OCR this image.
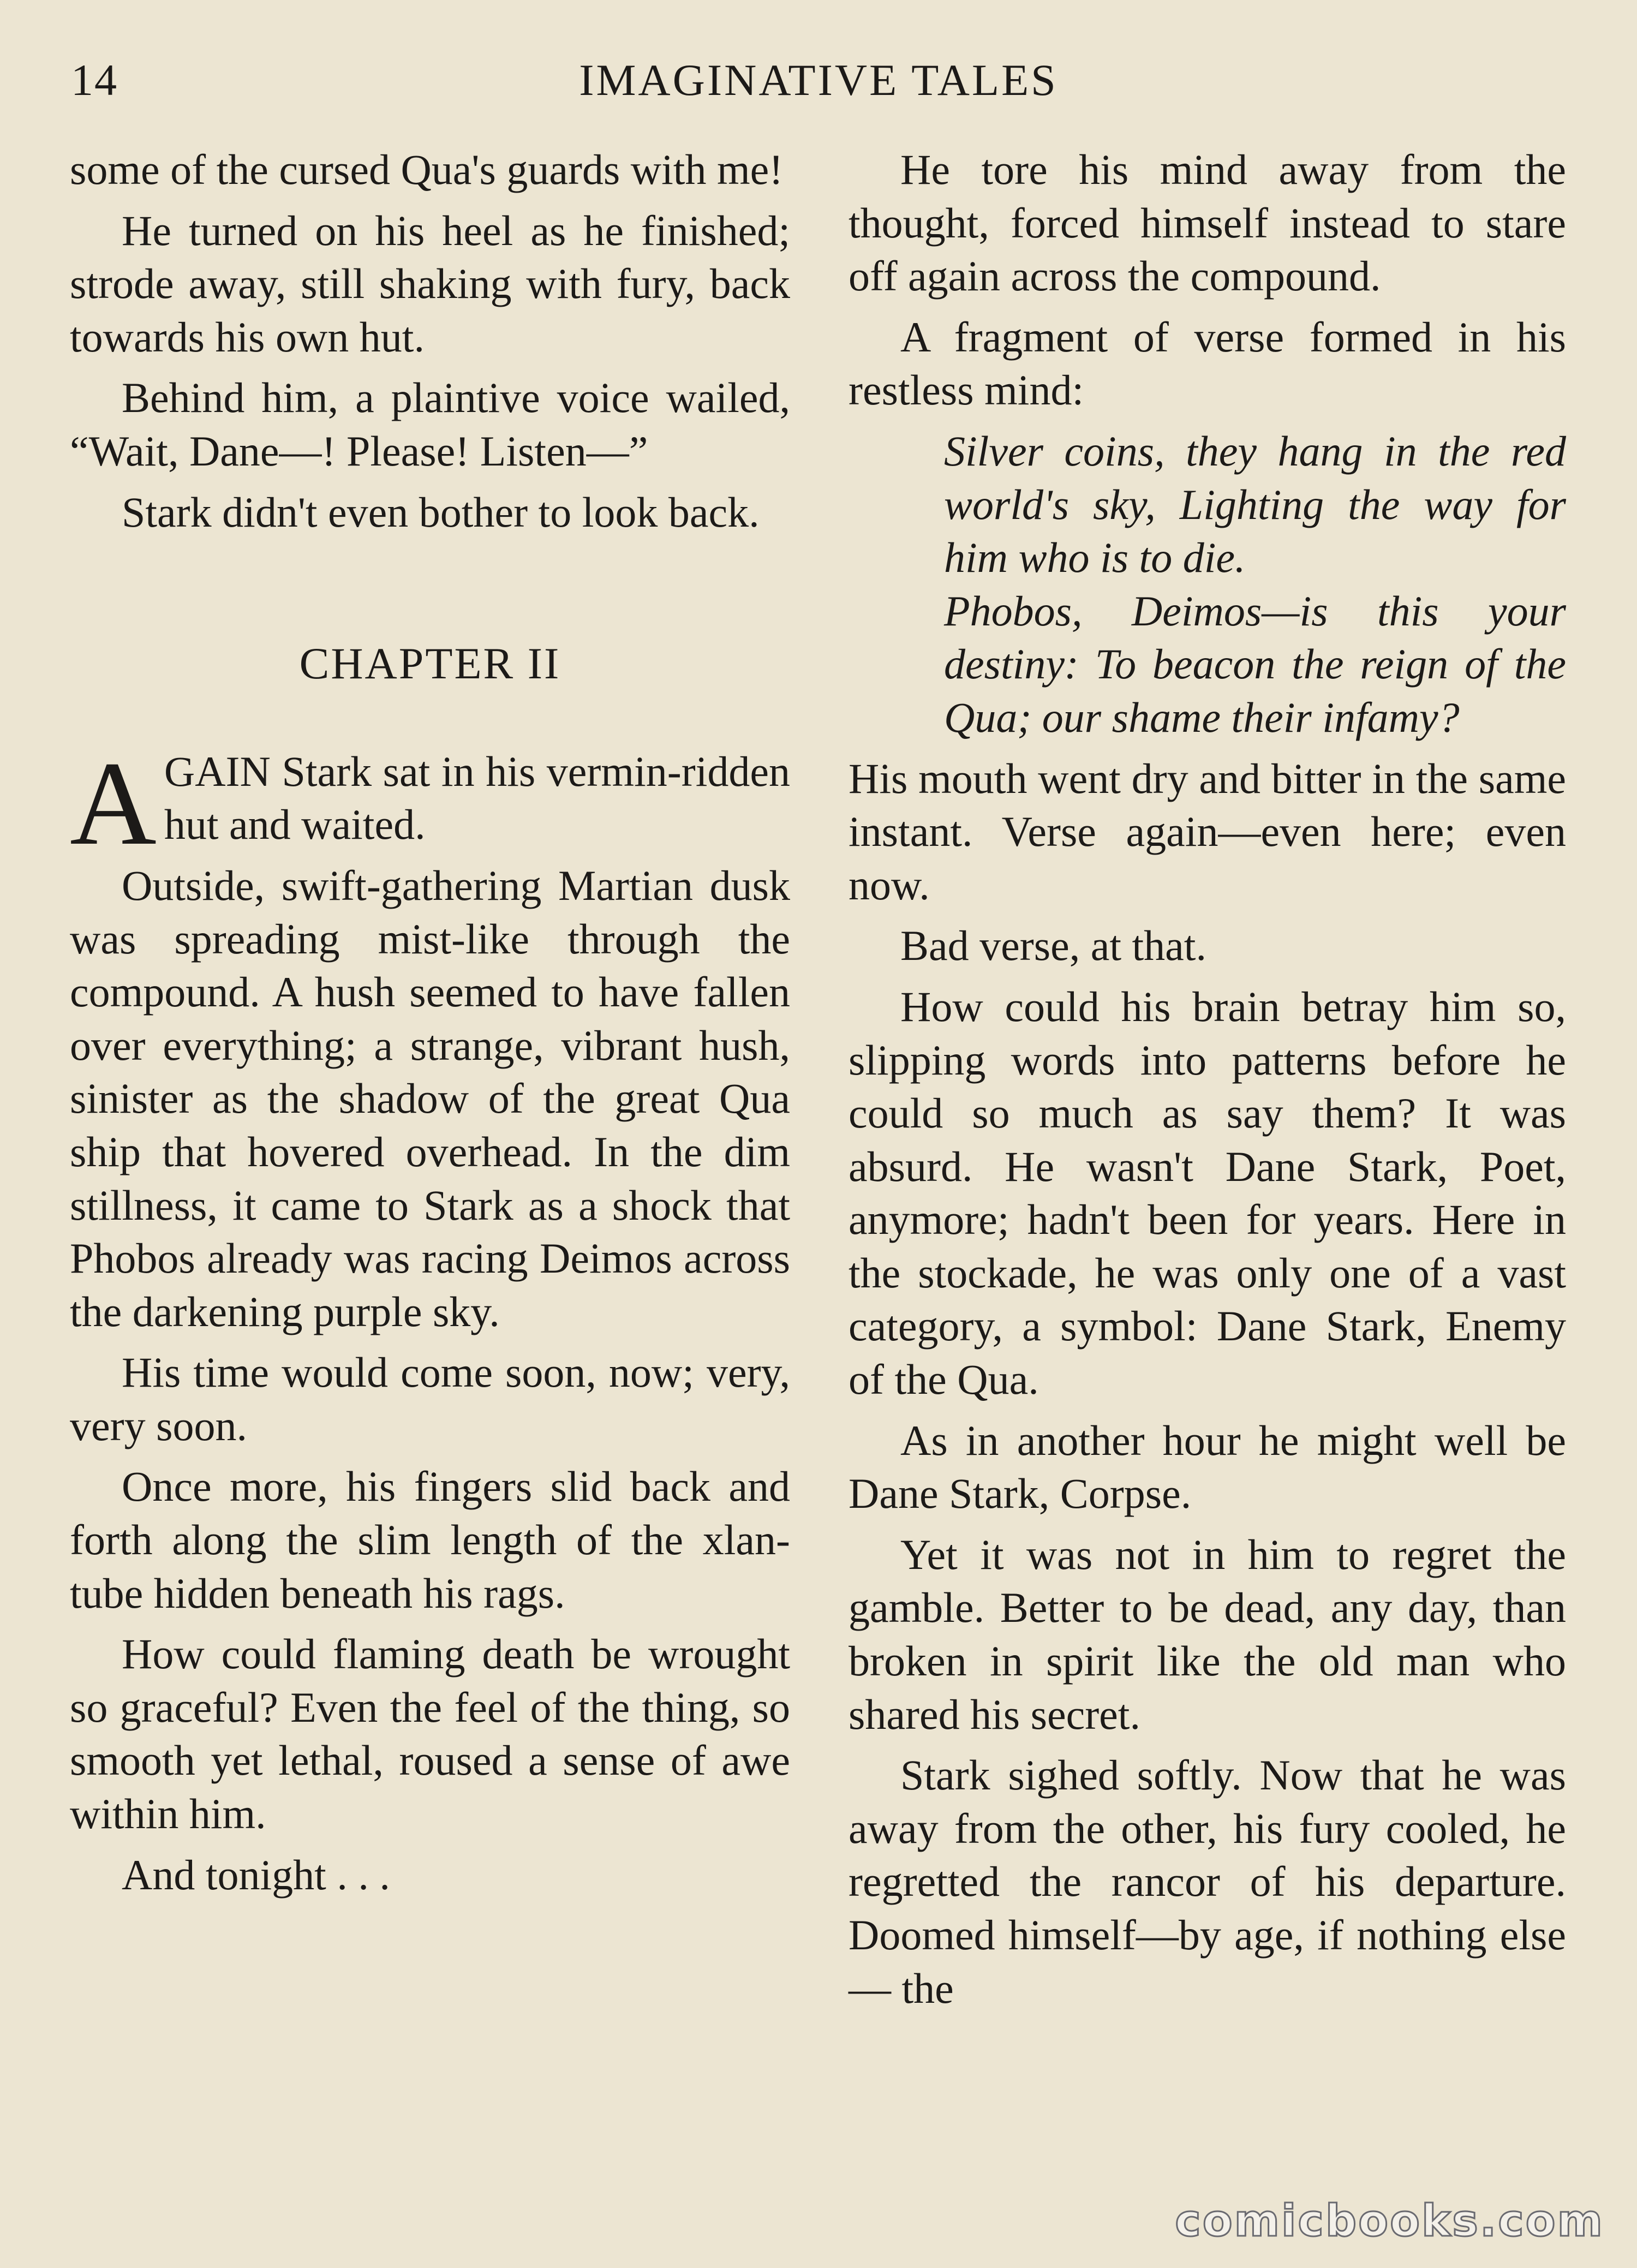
14	IMAGINATIVE TALES

some of the cursed Qua's guards with me!

He turned on his heel as he finished; strode away, still shaking with fury, back towards his own hut.

Behind him, a plaintive voice wailed, “Wait, Dane—! Please! Listen—”

Stark didn't even bother to look back.

CHAPTER II

AGAIN Stark sat in his vermin-ridden hut and waited.

Outside, swift-gathering Martian dusk was spreading mist-like through the compound. A hush seemed to have fallen over everything; a strange, vibrant hush, sinister as the shadow of the great Qua ship that hovered overhead. In the dim stillness, it came to Stark as a shock that Phobos already was racing Deimos across the darkening purple sky.

His time would come soon, now; very, very soon.

Once more, his fingers slid back and forth along the slim length of the xlan-tube hidden beneath his rags.

How could flaming death be wrought so graceful? Even the feel of the thing, so smooth yet lethal, roused a sense of awe within him.

And tonight . . .

He tore his mind away from the thought, forced himself instead to stare off again across the compound.

A fragment of verse formed in his restless mind:

Silver coins, they hang in the red world's sky, Lighting the way for him who is to die.
Phobos, Deimos—is this your destiny: To beacon the reign of the Qua; our shame their infamy?

His mouth went dry and bitter in the same instant. Verse again—even here; even now.

Bad verse, at that.

How could his brain betray him so, slipping words into patterns before he could so much as say them? It was absurd. He wasn't Dane Stark, Poet, anymore; hadn't been for years. Here in the stockade, he was only one of a vast category, a symbol: Dane Stark, Enemy of the Qua.

As in another hour he might well be Dane Stark, Corpse.

Yet it was not in him to regret the gamble. Better to be dead, any day, than broken in spirit like the old man who shared his secret.

Stark sighed softly. Now that he was away from the other, his fury cooled, he regretted the rancor of his departure. Doomed himself—by age, if nothing else— the

comicbooks.com
